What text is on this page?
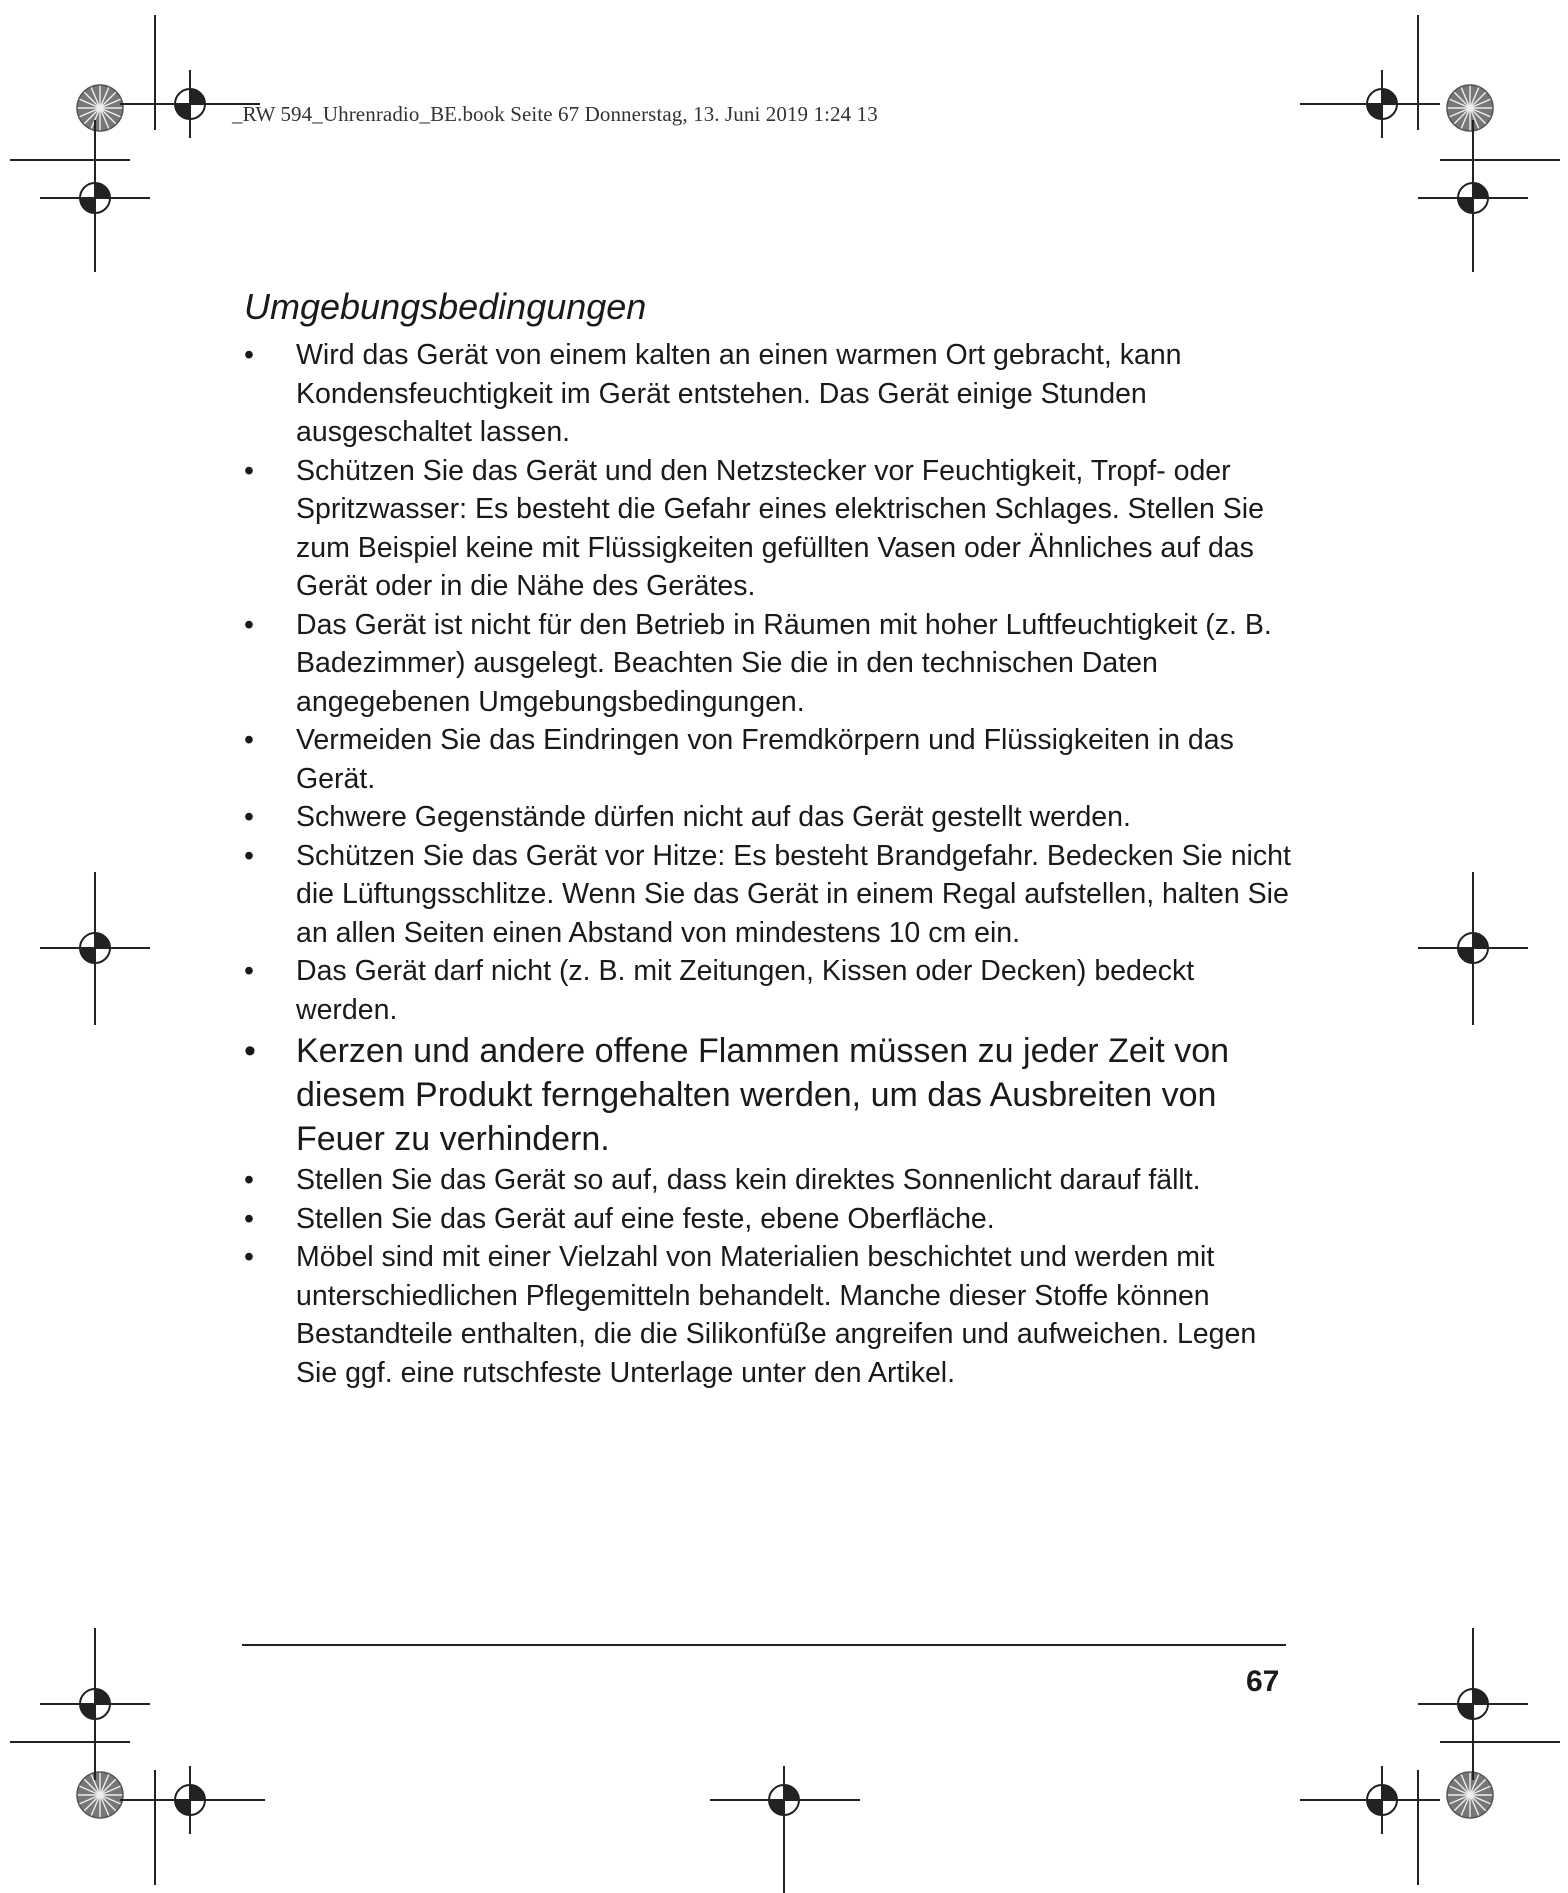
_RW 594_Uhrenradio_BE.book Seite 67 Donnerstag, 13. Juni 2019 1:24 13
Umgebungsbedingungen
• Wird das Gerät von einem kalten an einen warmen Ort gebracht, kann Kondensfeuchtigkeit im Gerät entstehen. Das Gerät einige Stunden ausgeschaltet lassen.
• Schützen Sie das Gerät und den Netzstecker vor Feuchtigkeit, Tropf- oder Spritzwasser: Es besteht die Gefahr eines elektrischen Schlages. Stellen Sie zum Beispiel keine mit Flüssigkeiten gefüllten Vasen oder Ähnliches auf das Gerät oder in die Nähe des Gerätes.
• Das Gerät ist nicht für den Betrieb in Räumen mit hoher Luftfeuchtigkeit (z. B. Badezimmer) ausgelegt. Beachten Sie die in den technischen Daten angegebenen Umgebungsbedingungen.
• Vermeiden Sie das Eindringen von Fremdkörpern und Flüssigkeiten in das Gerät.
• Schwere Gegenstände dürfen nicht auf das Gerät gestellt werden.
• Schützen Sie das Gerät vor Hitze: Es besteht Brandgefahr. Bedecken Sie nicht die Lüftungsschlitze. Wenn Sie das Gerät in einem Regal aufstellen, halten Sie an allen Seiten einen Abstand von mindestens 10 cm ein.
• Das Gerät darf nicht (z. B. mit Zeitungen, Kissen oder Decken) bedeckt werden.
• Kerzen und andere offene Flammen müssen zu jeder Zeit von diesem Produkt ferngehalten werden, um das Ausbreiten von Feuer zu verhindern.
• Stellen Sie das Gerät so auf, dass kein direktes Sonnenlicht darauf fällt.
• Stellen Sie das Gerät auf eine feste, ebene Oberfläche.
• Möbel sind mit einer Vielzahl von Materialien beschichtet und werden mit unterschiedlichen Pflegemitteln behandelt. Manche dieser Stoffe können Bestandteile enthalten, die die Silikonfüße angreifen und aufweichen. Legen Sie ggf. eine rutschfeste Unterlage unter den Artikel.
67
